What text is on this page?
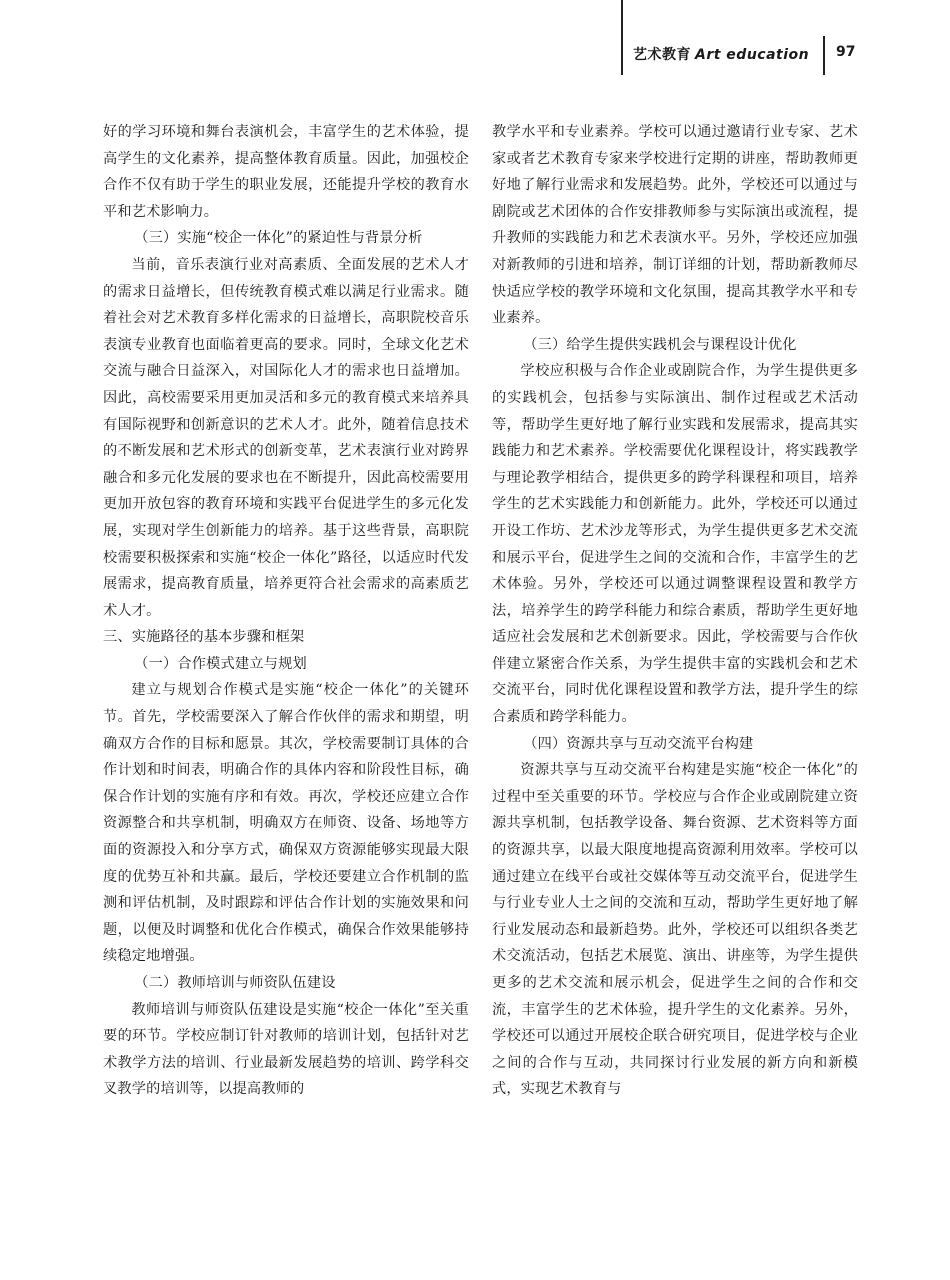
艺术教育 Art education 97

好的学习环境和舞台表演机会，丰富学生的艺术体验，提高学生的文化素养，提高整体教育质量。因此，加强校企合作不仅有助于学生的职业发展，还能提升学校的教育水平和艺术影响力。

（三）实施“校企一体化”的紧迫性与背景分析

当前，音乐表演行业对高素质、全面发展的艺术人才的需求日益增长，但传统教育模式难以满足行业需求。随着社会对艺术教育多样化需求的日益增长，高职院校音乐表演专业教育也面临着更高的要求。同时，全球文化艺术交流与融合日益深入，对国际化人才的需求也日益增加。因此，高校需要采用更加灵活和多元的教育模式来培养具有国际视野和创新意识的艺术人才。此外，随着信息技术的不断发展和艺术形式的创新变革，艺术表演行业对跨界融合和多元化发展的要求也在不断提升，因此高校需要用更加开放包容的教育环境和实践平台促进学生的多元化发展，实现对学生创新能力的培养。基于这些背景，高职院校需要积极探索和实施“校企一体化”路径，以适应时代发展需求，提高教育质量，培养更符合社会需求的高素质艺术人才。

三、实施路径的基本步骤和框架

（一）合作模式建立与规划

建立与规划合作模式是实施“校企一体化”的关键环节。首先，学校需要深入了解合作伙伴的需求和期望，明确双方合作的目标和愿景。其次，学校需要制订具体的合作计划和时间表，明确合作的具体内容和阶段性目标，确保合作计划的实施有序和有效。再次，学校还应建立合作资源整合和共享机制，明确双方在师资、设备、场地等方面的资源投入和分享方式，确保双方资源能够实现最大限度的优势互补和共赢。最后，学校还要建立合作机制的监测和评估机制，及时跟踪和评估合作计划的实施效果和问题，以便及时调整和优化合作模式，确保合作效果能够持续稳定地增强。

（二）教师培训与师资队伍建设

教师培训与师资队伍建设是实施“校企一体化”至关重要的环节。学校应制订针对教师的培训计划，包括针对艺术教学方法的培训、行业最新发展趋势的培训、跨学科交叉教学的培训等，以提高教师的

教学水平和专业素养。学校可以通过邀请行业专家、艺术家或者艺术教育专家来学校进行定期的讲座，帮助教师更好地了解行业需求和发展趋势。此外，学校还可以通过与剧院或艺术团体的合作安排教师参与实际演出或流程，提升教师的实践能力和艺术表演水平。另外，学校还应加强对新教师的引进和培养，制订详细的计划，帮助新教师尽快适应学校的教学环境和文化氛围，提高其教学水平和专业素养。

（三）给学生提供实践机会与课程设计优化

学校应积极与合作企业或剧院合作，为学生提供更多的实践机会，包括参与实际演出、制作过程或艺术活动等，帮助学生更好地了解行业实践和发展需求，提高其实践能力和艺术素养。学校需要优化课程设计，将实践教学与理论教学相结合，提供更多的跨学科课程和项目，培养学生的艺术实践能力和创新能力。此外，学校还可以通过开设工作坊、艺术沙龙等形式，为学生提供更多艺术交流和展示平台，促进学生之间的交流和合作，丰富学生的艺术体验。另外，学校还可以通过调整课程设置和教学方法，培养学生的跨学科能力和综合素质，帮助学生更好地适应社会发展和艺术创新要求。因此，学校需要与合作伙伴建立紧密合作关系，为学生提供丰富的实践机会和艺术交流平台，同时优化课程设置和教学方法，提升学生的综合素质和跨学科能力。

（四）资源共享与互动交流平台构建

资源共享与互动交流平台构建是实施“校企一体化”的过程中至关重要的环节。学校应与合作企业或剧院建立资源共享机制，包括教学设备、舞台资源、艺术资料等方面的资源共享，以最大限度地提高资源利用效率。学校可以通过建立在线平台或社交媒体等互动交流平台，促进学生与行业专业人士之间的交流和互动，帮助学生更好地了解行业发展动态和最新趋势。此外，学校还可以组织各类艺术交流活动，包括艺术展览、演出、讲座等，为学生提供更多的艺术交流和展示机会，促进学生之间的合作和交流，丰富学生的艺术体验，提升学生的文化素养。另外，学校还可以通过开展校企联合研究项目，促进学校与企业之间的合作与互动，共同探讨行业发展的新方向和新模式，实现艺术教育与
